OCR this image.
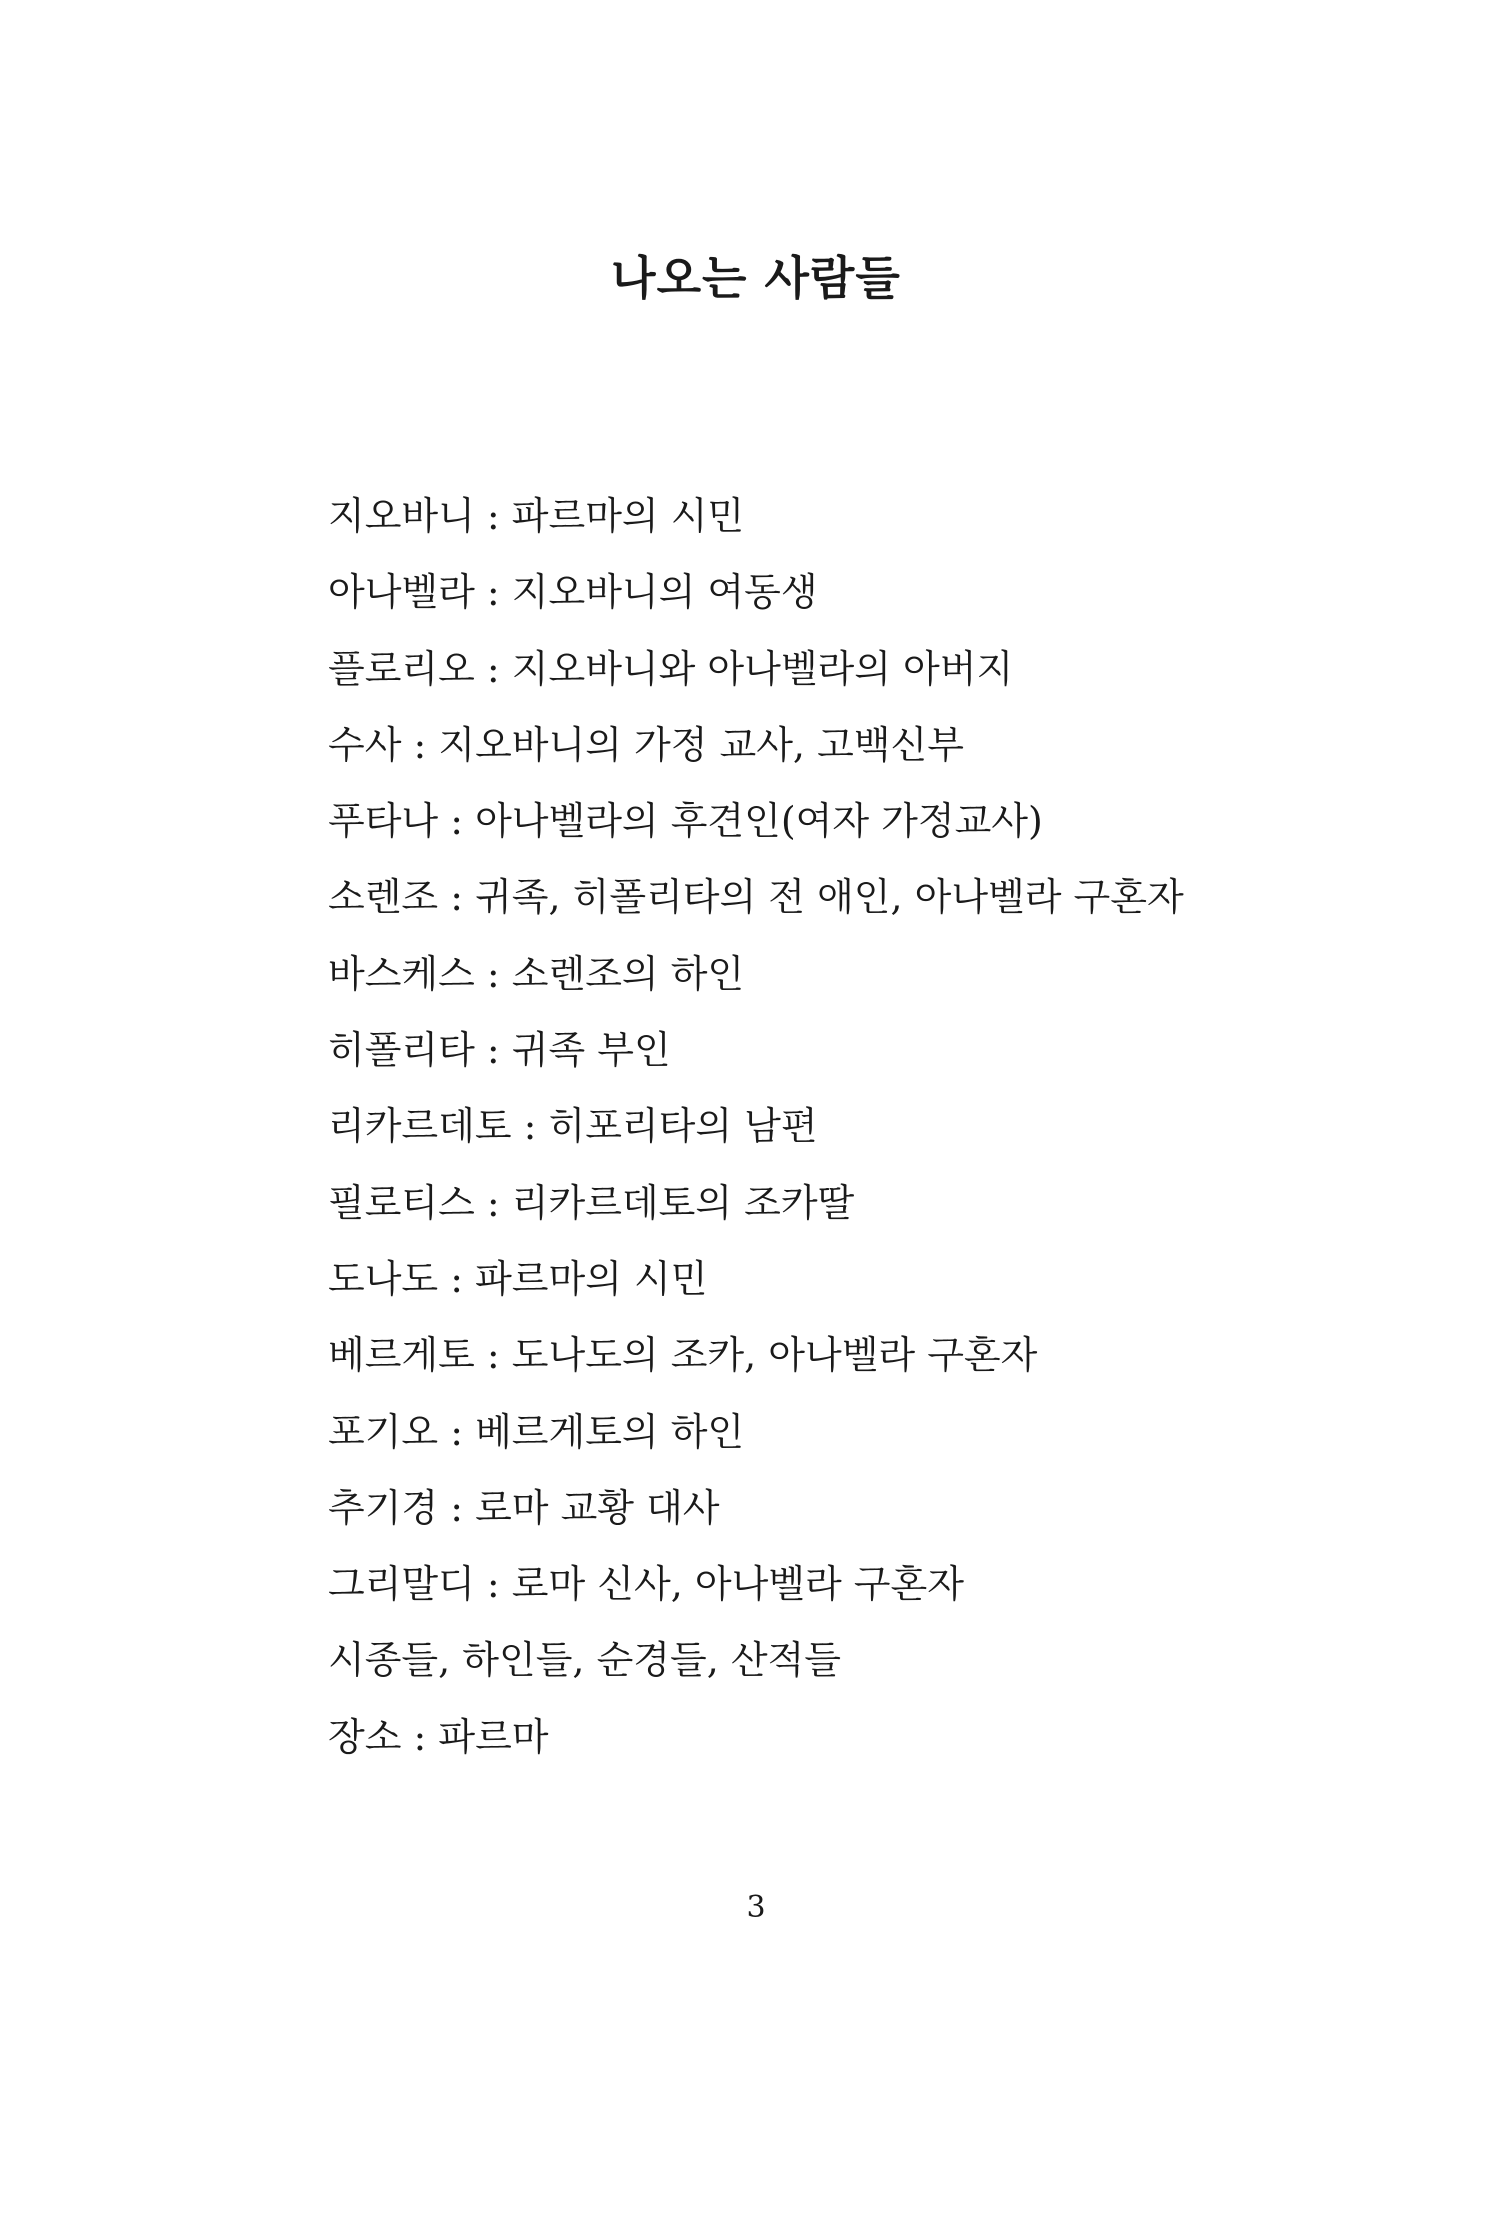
나오는 사람들
지오바니 : 파르마의 시민
아나벨라 : 지오바니의 여동생
플로리오 : 지오바니와 아나벨라의 아버지
수사 : 지오바니의 가정 교사, 고백신부
푸타나 : 아나벨라의 후견인(여자 가정교사)
소렌조 : 귀족, 히폴리타의 전 애인, 아나벨라 구혼자
바스케스 : 소렌조의 하인
히폴리타 : 귀족 부인
리카르데토 : 히포리타의 남편
필로티스 : 리카르데토의 조카딸
도나도 : 파르마의 시민
베르게토 : 도나도의 조카, 아나벨라 구혼자
포기오 : 베르게토의 하인
추기경 : 로마 교황 대사
그리말디 : 로마 신사, 아나벨라 구혼자
시종들, 하인들, 순경들, 산적들
장소 : 파르마
3
